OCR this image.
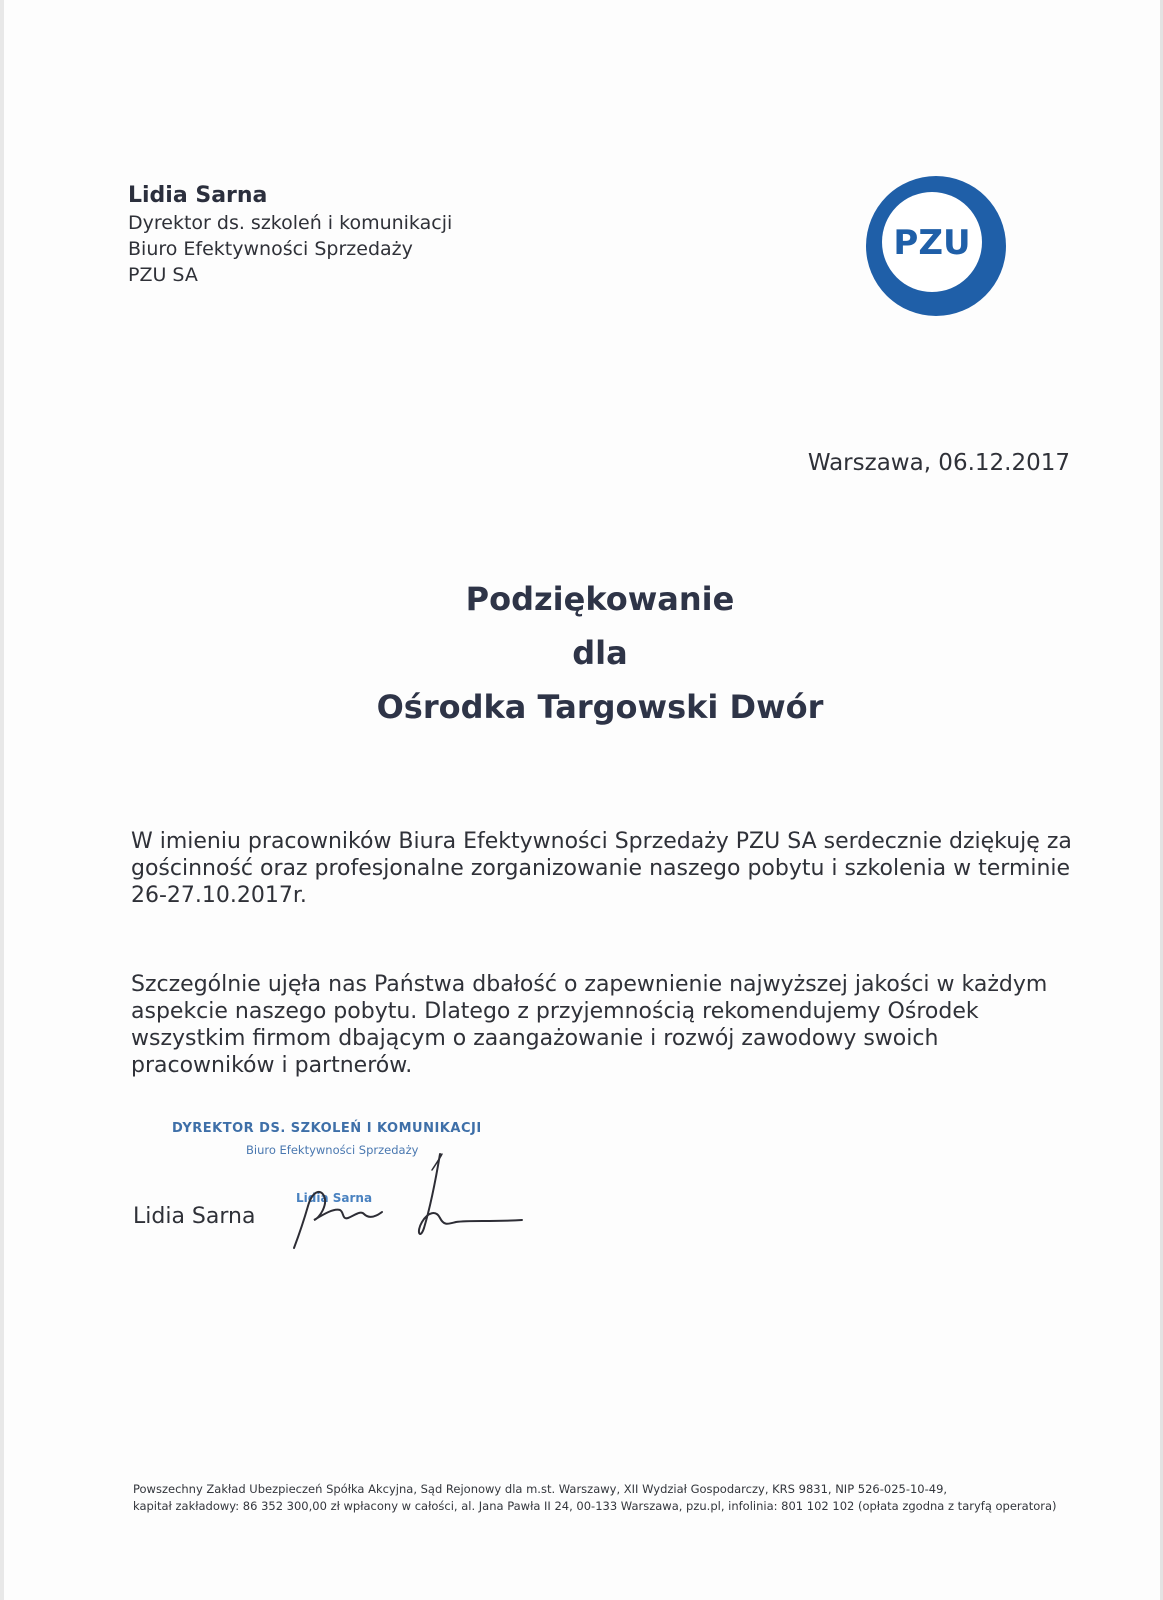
Lidia Sarna
Dyrektor ds. szkoleń i komunikacji
Biuro Efektywności Sprzedaży
PZU SA
PZU
Warszawa, 06.12.2017
Podziękowanie
dla
Ośrodka Targowski Dwór
W imieniu pracowników Biura Efektywności Sprzedaży PZU SA serdecznie dziękuję za gościnność oraz profesjonalne zorganizowanie naszego pobytu i szkolenia w terminie 26-27.10.2017r.
Szczególnie ujęła nas Państwa dbałość o zapewnienie najwyższej jakości w każdym aspekcie naszego pobytu. Dlatego z przyjemnością rekomendujemy Ośrodek wszystkim firmom dbającym o zaangażowanie i rozwój zawodowy swoich pracowników i partnerów.
DYREKTOR DS. SZKOLEŃ I KOMUNIKACJI
Biuro Efektywności Sprzedaży
Lidia Sarna
Lidia Sarna
Powszechny Zakład Ubezpieczeń Spółka Akcyjna, Sąd Rejonowy dla m.st. Warszawy, XII Wydział Gospodarczy, KRS 9831, NIP 526-025-10-49,
kapitał zakładowy: 86 352 300,00 zł wpłacony w całości, al. Jana Pawła II 24, 00-133 Warszawa, pzu.pl, infolinia: 801 102 102 (opłata zgodna z taryfą operatora)
